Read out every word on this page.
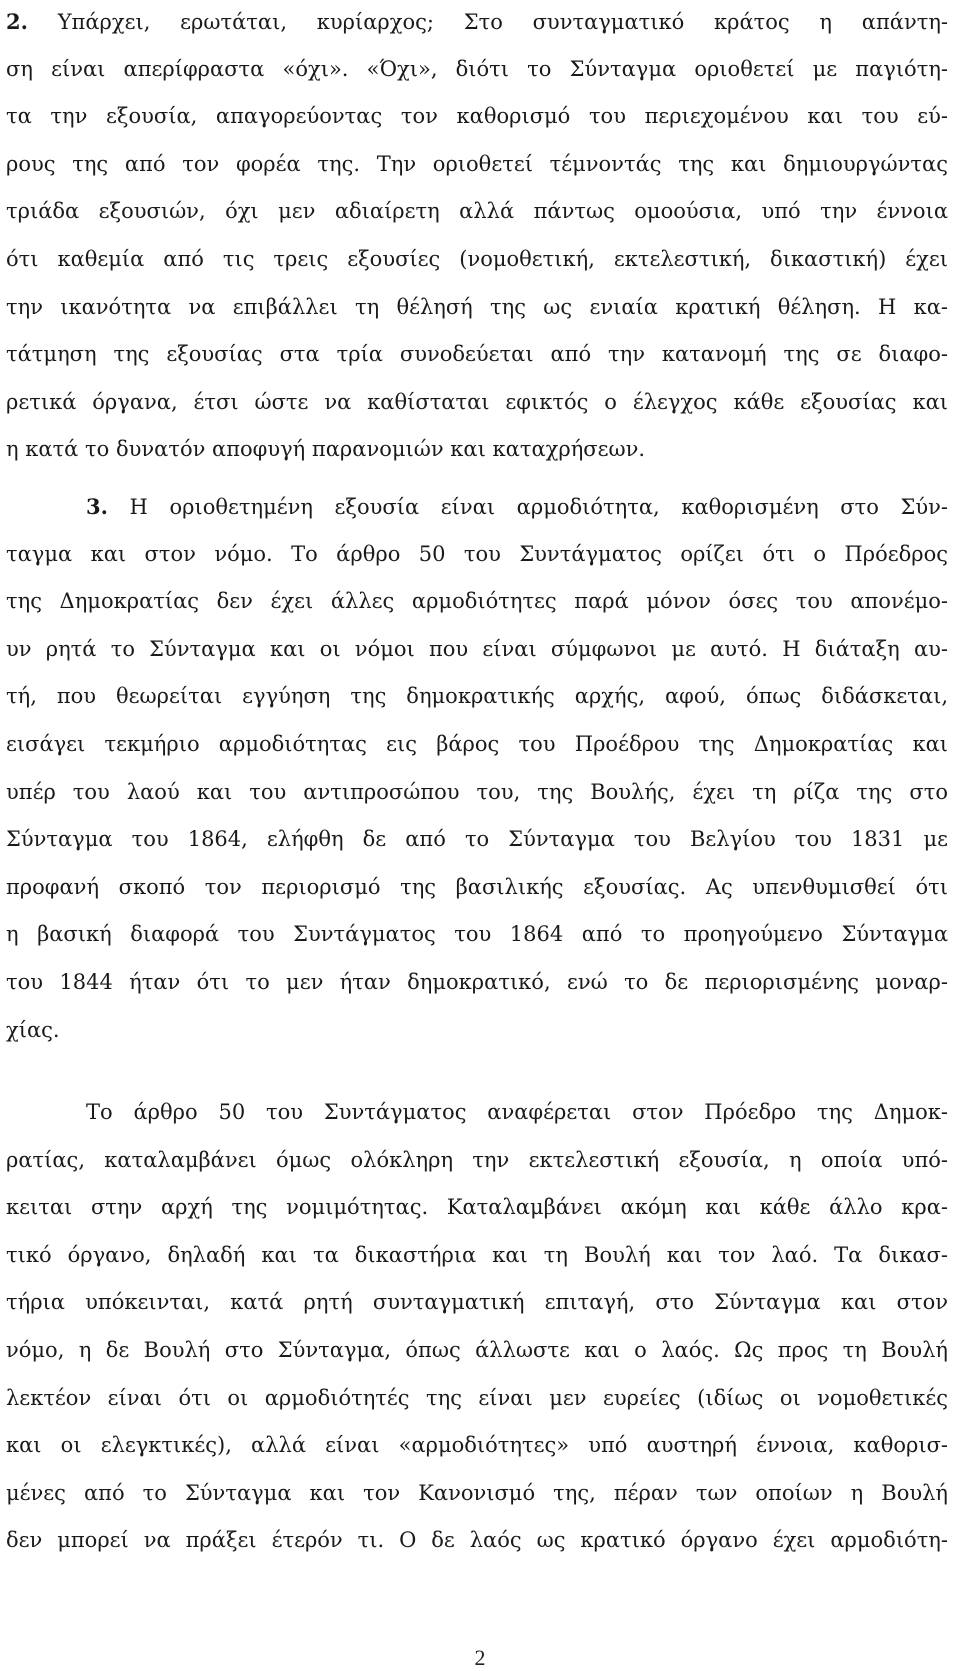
2. Υπάρχει, ερωτάται, κυρίαρχος; Στο συνταγματικό κράτος η απάντη-
ση είναι απερίφραστα «όχι». «Όχι», διότι το Σύνταγμα οριοθετεί με παγιότη-
τα την εξουσία, απαγορεύοντας τον καθορισμό του περιεχομένου και του εύ-
ρους της από τον φορέα της. Την οριοθετεί τέμνοντάς της και δημιουργώντας
τριάδα εξουσιών, όχι μεν αδιαίρετη αλλά πάντως ομοούσια, υπό την έννοια
ότι καθεμία από τις τρεις εξουσίες (νομοθετική, εκτελεστική, δικαστική) έχει
την ικανότητα να επιβάλλει τη θέλησή της ως ενιαία κρατική θέληση. Η κα-
τάτμηση της εξουσίας στα τρία συνοδεύεται από την κατανομή της σε διαφο-
ρετικά όργανα, έτσι ώστε να καθίσταται εφικτός ο έλεγχος κάθε εξουσίας και
η κατά το δυνατόν αποφυγή παρανομιών και καταχρήσεων.
3. Η οριοθετημένη εξουσία είναι αρμοδιότητα, καθορισμένη στο Σύν-
ταγμα και στον νόμο. Το άρθρο 50 του Συντάγματος ορίζει ότι ο Πρόεδρος
της Δημοκρατίας δεν έχει άλλες αρμοδιότητες παρά μόνον όσες του απονέμο-
υν ρητά το Σύνταγμα και οι νόμοι που είναι σύμφωνοι με αυτό. Η διάταξη αυ-
τή, που θεωρείται εγγύηση της δημοκρατικής αρχής, αφού, όπως διδάσκεται,
εισάγει τεκμήριο αρμοδιότητας εις βάρος του Προέδρου της Δημοκρατίας και
υπέρ του λαού και του αντιπροσώπου του, της Βουλής, έχει τη ρίζα της στο
Σύνταγμα του 1864, ελήφθη δε από το Σύνταγμα του Βελγίου του 1831 με
προφανή σκοπό τον περιορισμό της βασιλικής εξουσίας. Ας υπενθυμισθεί ότι
η βασική διαφορά του Συντάγματος του 1864 από το προηγούμενο Σύνταγμα
του 1844 ήταν ότι το μεν ήταν δημοκρατικό, ενώ το δε περιορισμένης μοναρ-
χίας.
Το άρθρο 50 του Συντάγματος αναφέρεται στον Πρόεδρο της Δημοκ-
ρατίας, καταλαμβάνει όμως ολόκληρη την εκτελεστική εξουσία, η οποία υπό-
κειται στην αρχή της νομιμότητας. Καταλαμβάνει ακόμη και κάθε άλλο κρα-
τικό όργανο, δηλαδή και τα δικαστήρια και τη Βουλή και τον λαό. Τα δικασ-
τήρια υπόκεινται, κατά ρητή συνταγματική επιταγή, στο Σύνταγμα και στον
νόμο, η δε Βουλή στο Σύνταγμα, όπως άλλωστε και ο λαός. Ως προς τη Βουλή
λεκτέον είναι ότι οι αρμοδιότητές της είναι μεν ευρείες (ιδίως οι νομοθετικές
και οι ελεγκτικές), αλλά είναι «αρμοδιότητες» υπό αυστηρή έννοια, καθορισ-
μένες από το Σύνταγμα και τον Κανονισμό της, πέραν των οποίων η Βουλή
δεν μπορεί να πράξει έτερόν τι. Ο δε λαός ως κρατικό όργανο έχει αρμοδιότη-
2
